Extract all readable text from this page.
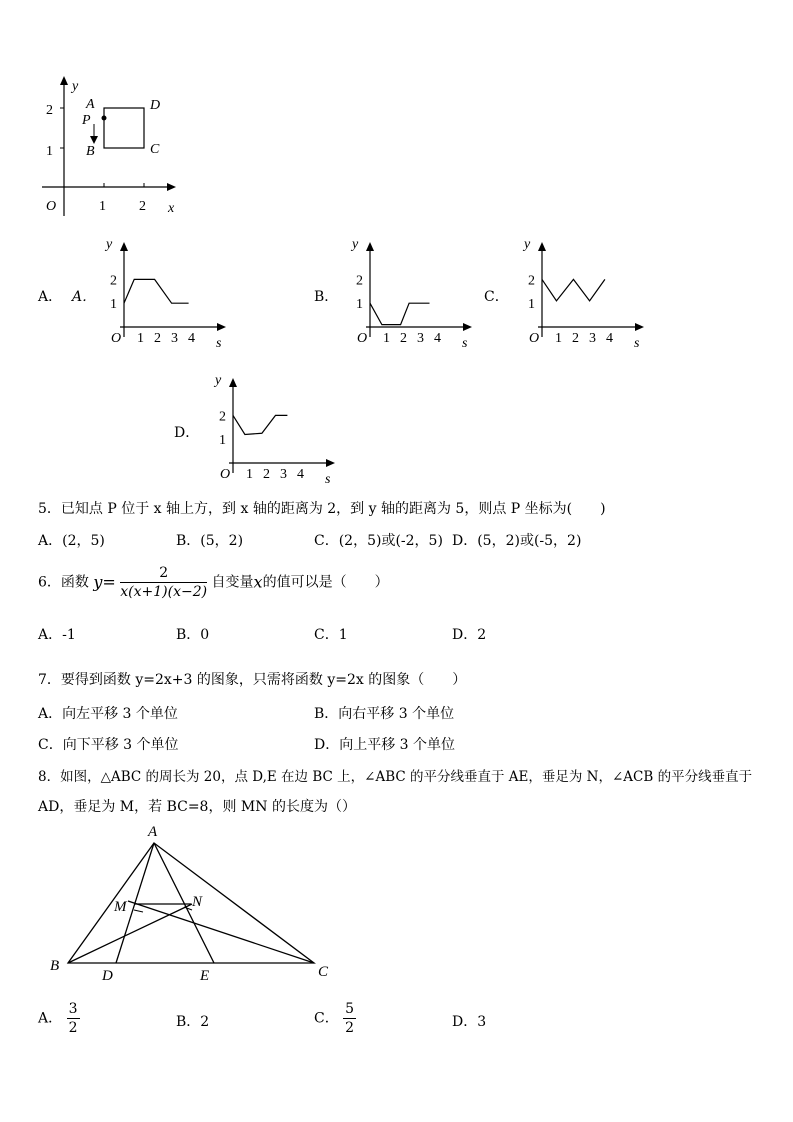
y
x
O
2
1
1 2
A
P
B
D
C
A． A．	B．	C．
D．
y
s
O 1 2 3 4
1
2
y
s
O 1 2 3 4
1
2
y
s
O 1 2 3 4
1
2
y
s
O 1 2 3 4
1
2
5．已知点 P 位于 x 轴上方，到 x 轴的距离为 2，到 y 轴的距离为 5，则点 P 坐标为(　　)
A．(2，5)	B．(5，2)	C．(2，5)或(-2，5) D．(5，2)或(-5，2)
6．函数 $y= \frac{2}{x(x+1)(x-2)}$ 自变量x的值可以是（　　）
A．-1	B．0	C．1	D．2
7．要得到函数 y=2x+3 的图象，只需将函数 y=2x 的图象（　　）
A．向左平移 3 个单位	B．向右平移 3 个单位
C．向下平移 3 个单位	D．向上平移 3 个单位
8．如图，△ABC 的周长为 20，点 D,E 在边 BC 上，∠ABC 的平分线垂直于 AE，垂足为 N，∠ACB 的平分线垂直于
AD，垂足为 M，若 BC=8，则 MN 的长度为（）
A
B	C
D	E
M	N
A． $\frac{3}{2}$	B．2	C． $\frac{5}{2}$	D．3
